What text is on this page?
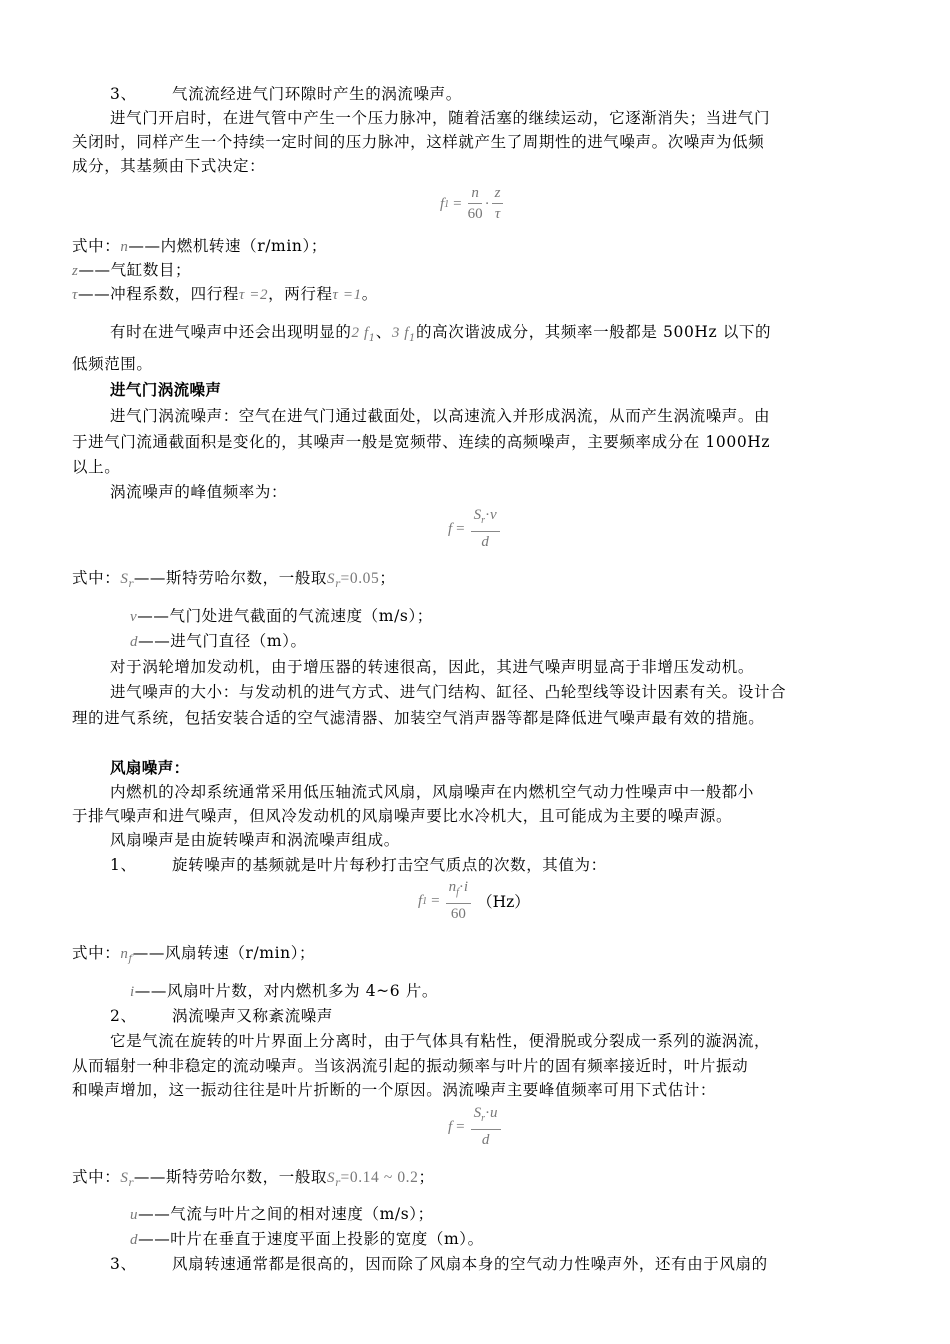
3、 气流流经进气门环隙时产生的涡流噪声。
进气门开启时，在进气管中产生一个压力脉冲，随着活塞的继续运动，它逐渐消失；当进气门
关闭时，同样产生一个持续一定时间的压力脉冲，这样就产生了周期性的进气噪声。次噪声为低频
成分，其基频由下式决定：
f $1 = \frac{n}{60} \cdot \frac{z}{\tau}$
式中：n——内燃机转速（r/min）；
z——气缸数目；
τ——冲程系数，四行程τ =2，两行程τ =1。
有时在进气噪声中还会出现明显的2 $f_1$、3 $f_1$的高次谐波成分，其频率一般都是 500Hz 以下的
低频范围。
进气门涡流噪声
进气门涡流噪声：空气在进气门通过截面处，以高速流入并形成涡流，从而产生涡流噪声。由
于进气门流通截面积是变化的，其噪声一般是宽频带、连续的高频噪声，主要频率成分在 1000Hz
以上。
涡流噪声的峰值频率为：
$f = \frac{S_r\cdot v}{d}$
式中：$S_r——$斯特劳哈尔数，一般取$S_r=0.05$；
v——气门处进气截面的气流速度（m/s）；
d——进气门直径（m）。
对于涡轮增加发动机，由于增压器的转速很高，因此，其进气噪声明显高于非增压发动机。
进气噪声的大小：与发动机的进气方式、进气门结构、缸径、凸轮型线等设计因素有关。设计合
理的进气系统，包括安装合适的空气滤清器、加装空气消声器等都是降低进气噪声最有效的措施。
风扇噪声：
内燃机的冷却系统通常采用低压轴流式风扇，风扇噪声在内燃机空气动力性噪声中一般都小
于排气噪声和进气噪声，但风冷发动机的风扇噪声要比水冷机大，且可能成为主要的噪声源。
风扇噪声是由旋转噪声和涡流噪声组成。
1、 旋转噪声的基频就是叶片每秒打击空气质点的次数，其值为：
f $1 = \frac{n_f\cdot i}{60} (Hz)$
式中：$n_f——$风扇转速（r/min）；
i——风扇叶片数，对内燃机多为 4~6 片。
2、 涡流噪声又称紊流噪声
它是气流在旋转的叶片界面上分离时，由于气体具有粘性，便滑脱或分裂成一系列的漩涡流，
从而辐射一种非稳定的流动噪声。当该涡流引起的振动频率与叶片的固有频率接近时，叶片振动
和噪声增加，这一振动往往是叶片折断的一个原因。涡流噪声主要峰值频率可用下式估计：
$f = \frac{S_r\cdot u}{d}$
式中：$S_r——$斯特劳哈尔数，一般取$S_r=0.14$ ~ 0.2；
u——气流与叶片之间的相对速度（m/s）；
d——叶片在垂直于速度平面上投影的宽度（m）。
3、 风扇转速通常都是很高的，因而除了风扇本身的空气动力性噪声外，还有由于风扇的
